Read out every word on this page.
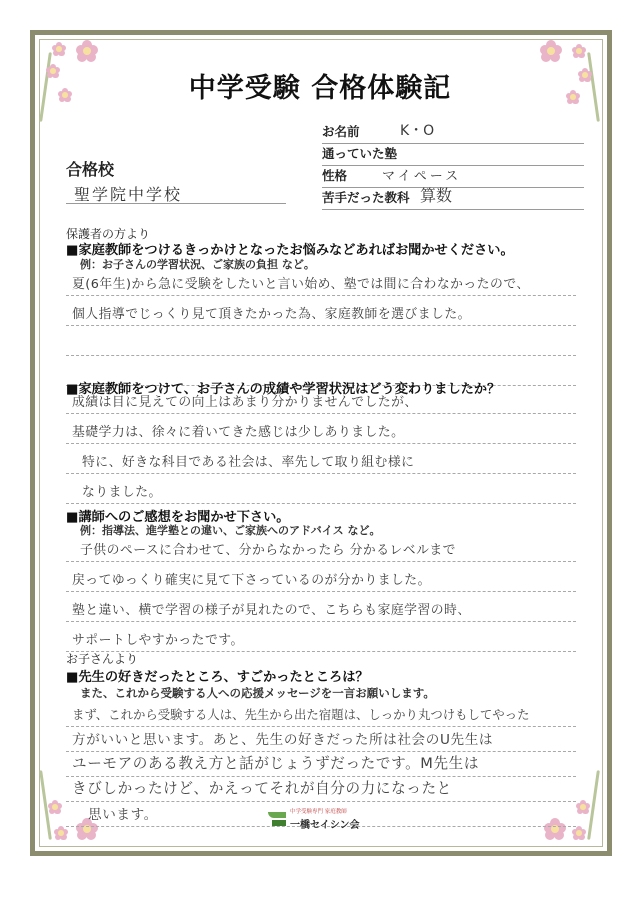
中学受験 合格体験記
お名前	K・O
通っていた塾
性格	マイペース
苦手だった教科 算数
合格校
聖学院中学校
保護者の方より
■家庭教師をつけるきっかけとなったお悩みなどあればお聞かせください。
例：お子さんの学習状況、ご家族の負担 など。
夏(6年生)から急に受験をしたいと言い始め、塾では間に合わなかったので、
個人指導でじっくり見て頂きたかった為、家庭教師を選びました。
■家庭教師をつけて、お子さんの成績や学習状況はどう変わりましたか？
成績は目に見えての向上はあまり分かりませんでしたが、
基礎学力は、徐々に着いてきた感じは少しありました。
特に、好きな科目である社会は、率先して取り組む様に
なりました。
■講師へのご感想をお聞かせ下さい。
例：指導法、進学塾との違い、ご家族へのアドバイス など。
子供のペースに合わせて、分からなかったら 分かるレベルまで
戻ってゆっくり確実に見て下さっているのが分かりました。
塾と違い、横で学習の様子が見れたので、こちらも家庭学習の時、
サポートしやすかったです。
お子さんより
■先生の好きだったところ、すごかったところは？
また、これから受験する人への応援メッセージを一言お願いします。
まず、これから受験する人は、先生から出た宿題は、しっかり丸つけもしてやった
方がいいと思います。あと、先生の好きだった所は社会のU先生は
ユーモアのある教え方と話がじょうずだったです。M先生は
きびしかったけど、かえってそれが自分の力になったと
思います。	中学受験専門 家庭教師
一橋セイシン会
